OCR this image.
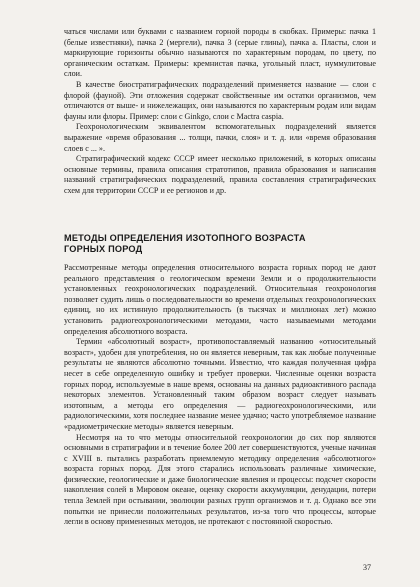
чаться числами или буквами с названием горной породы в скобках. Примеры: пачка 1 (белые известняки), пачка 2 (мергели), пачка 3 (серые глины), пачка а. Пласты, слои и маркирующие горизонты обычно называются по характерным породам, по цвету, по органическим остаткам. Примеры: кремнистая пачка, угольный пласт, нуммулитовые слои.

В качестве биостратиграфических подразделений применяется название — слои с флорой (фауной). Эти отложения содержат свойственные им остатки организмов, чем отличаются от выше- и нижележащих, они называются по характерным родам или видам фауны или флоры. Пример: слои с Ginkgo, слои с Mactra caspia.

Геохронологическим эквивалентом вспомогательных подразделений является выражение «время образования ... толщи, пачки, слоя» и т. д. или «время образования слоев с ... ».

Стратиграфический кодекс СССР имеет несколько приложений, в которых описаны основные термины, правила описания стратотипов, правила образования и написания названий стратиграфических подразделений, правила составления стратиграфических схем для территории СССР и ее регионов и др.

МЕТОДЫ ОПРЕДЕЛЕНИЯ ИЗОТОПНОГО ВОЗРАСТА
ГОРНЫХ ПОРОД

Рассмотренные методы определения относительного возраста горных пород не дают реального представления о геологическом времени Земли и о продолжительности установленных геохронологических подразделений. Относительная геохронология позволяет судить лишь о последовательности во времени отдельных геохронологических единиц, но их истинную продолжительность (в тысячах и миллионах лет) можно установить радиогеохронологическими методами, часто называемыми методами определения абсолютного возраста.

Термин «абсолютный возраст», противопоставляемый названию «относительный возраст», удобен для употребления, но он является неверным, так как любые полученные результаты не являются абсолютно точными. Известно, что каждая полученная цифра несет в себе определенную ошибку и требует проверки. Численные оценки возраста горных пород, используемые в наше время, основаны на данных радиоактивного распада некоторых элементов. Установленный таким образом возраст следует называть изотопным, а методы его определения — радиогеохронологическими, или радиологическими, хотя последнее название менее удачно; часто употребляемое название «радиометрические методы» является неверным.

Несмотря на то что методы относительной геохронологии до сих пор являются основными в стратиграфии и в течение более 200 лет совершенствуются, ученые начиная с XVIII в. пытались разработать приемлемую методику определения «абсолютного» возраста горных пород. Для этого старались использовать различные химические, физические, геологические и даже биологические явления и процессы: подсчет скорости накопления солей в Мировом океане, оценку скорости аккумуляции, денудации, потери тепла Землей при остывании, эволюции разных групп организмов и т. д. Однако все эти попытки не принесли положительных результатов, из-за того что процессы, которые легли в основу примененных методов, не протекают с постоянной скоростью.

37
